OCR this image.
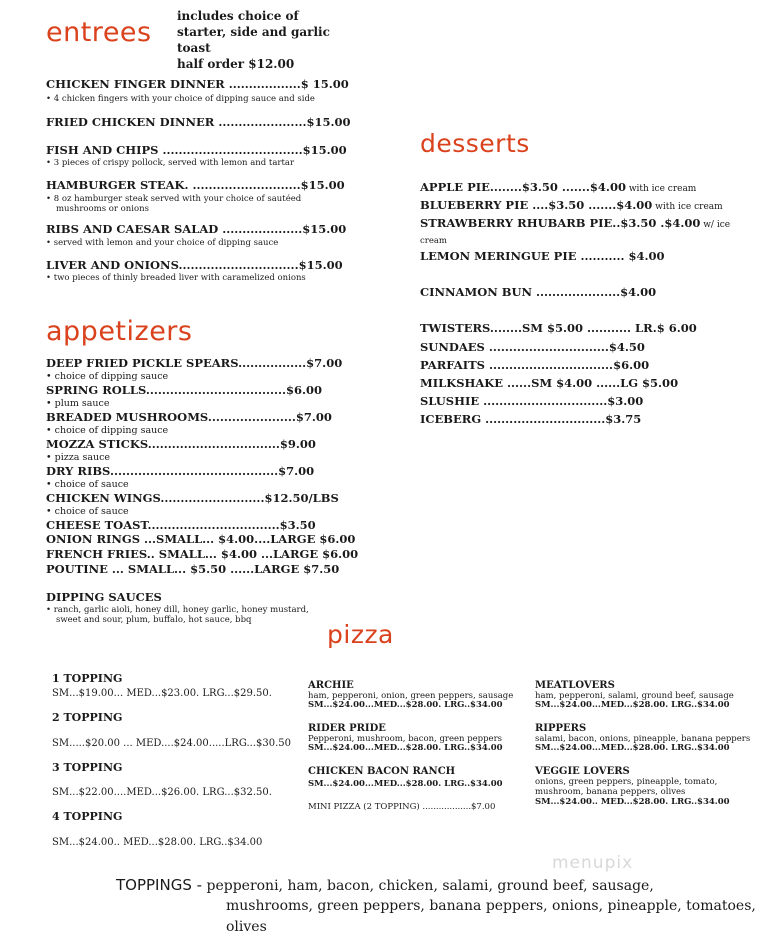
entrees
includes choice of
starter, side and garlic
toast
half order $12.00
CHICKEN FINGER DINNER ..................$ 15.00
• 4 chicken fingers with your choice of dipping sauce and side
FRIED CHICKEN DINNER ......................$15.00
FISH AND CHIPS ...................................$15.00
• 3 pieces of crispy pollock, served with lemon and tartar
HAMBURGER STEAK. ...........................$15.00
• 8 oz hamburger steak served with your choice of sautéed
mushrooms or onions
RIBS AND CAESAR SALAD ....................$15.00
• served with lemon and your choice of dipping sauce
LIVER AND ONIONS..............................$15.00
• two pieces of thinly breaded liver with caramelized onions
appetizers
DEEP FRIED PICKLE SPEARS.................$7.00
• choice of dipping sauce
SPRING ROLLS...................................$6.00
• plum sauce
BREADED MUSHROOMS......................$7.00
• choice of dipping sauce
MOZZA STICKS.................................$9.00
• pizza sauce
DRY RIBS..........................................$7.00
• choice of sauce
CHICKEN WINGS..........................$12.50/LBS
• choice of sauce
CHEESE TOAST.................................$3.50
ONION RINGS ...SMALL... $4.00....LARGE $6.00
FRENCH FRIES.. SMALL... $4.00 ...LARGE $6.00
POUTINE ... SMALL... $5.50 ......LARGE $7.50
DIPPING SAUCES
• ranch, garlic aioli, honey dill, honey garlic, honey mustard,
sweet and sour, plum, buffalo, hot sauce, bbq
desserts
APPLE PIE........$3.50 .......$4.00 with ice cream
BLUEBERRY PIE ....$3.50 .......$4.00 with ice cream
STRAWBERRY RHUBARB PIE..$3.50 .$4.00 w/ ice
cream
LEMON MERINGUE PIE ........... $4.00
CINNAMON BUN .....................$4.00
TWISTERS........SM $5.00 ........... LR.$ 6.00
SUNDAES ..............................$4.50
PARFAITS ...............................$6.00
MILKSHAKE ......SM $4.00 ......LG $5.00
SLUSHIE ...............................$3.00
ICEBERG ..............................$3.75
pizza
1 TOPPING
SM...$19.00... MED...$23.00. LRG...$29.50.
2 TOPPING
SM.....$20.00 ... MED....$24.00.....LRG...$30.50
3 TOPPING
SM...$22.00....MED...$26.00. LRG...$32.50.
4 TOPPING
SM...$24.00.. MED...$28.00. LRG..$34.00
ARCHIE
ham, pepperoni, onion, green peppers, sausage
SM...$24.00...MED...$28.00. LRG..$34.00
RIDER PRIDE
Pepperoni, mushroom, bacon, green peppers
SM...$24.00...MED...$28.00. LRG..$34.00
CHICKEN BACON RANCH
SM...$24.00...MED...$28.00. LRG..$34.00
MINI PIZZA (2 TOPPING) ..................$7.00
MEATLOVERS
ham, pepperoni, salami, ground beef, sausage
SM...$24.00...MED...$28.00. LRG..$34.00
RIPPERS
salami, bacon, onions, pineapple, banana peppers
SM...$24.00...MED...$28.00. LRG..$34.00
VEGGIE LOVERS
onions, green peppers, pineapple, tomato,
mushroom, banana peppers, olives
SM...$24.00.. MED...$28.00. LRG..$34.00
menupix
TOPPINGS - pepperoni, ham, bacon, chicken, salami, ground beef, sausage,
mushrooms, green peppers, banana peppers, onions, pineapple, tomatoes,
olives
